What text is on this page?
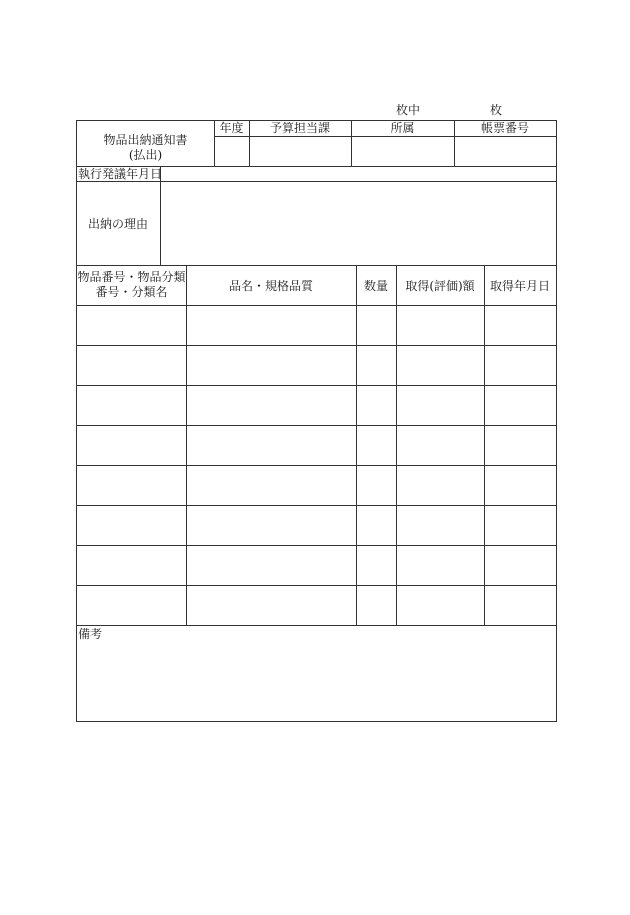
枚中	枚
物品出納通知書
(払出)
年度	予算担当課	所属	帳票番号
執行発議年月日
出納の理由
物品番号・物品分類
番号・分類名	品名・規格品質	数量	取得(評価)額	取得年月日
備考
